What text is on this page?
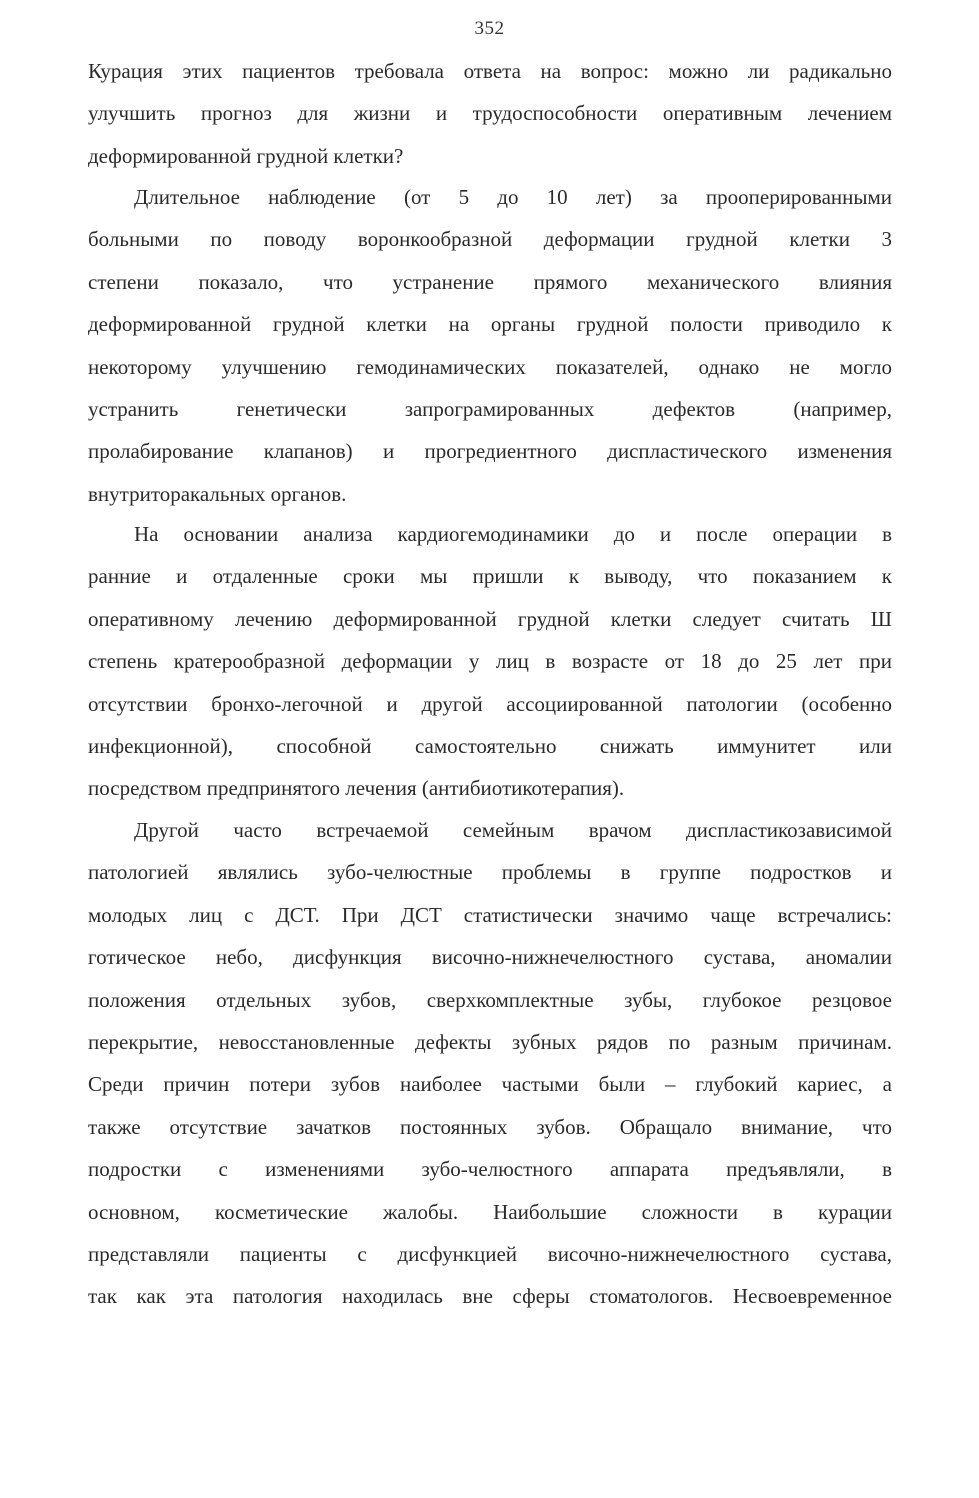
352
Курация этих пациентов требовала ответа на вопрос: можно ли радикально
улучшить прогноз для жизни и трудоспособности оперативным лечением
деформированной грудной клетки?
Длительное наблюдение (от 5 до 10 лет) за прооперированными
больными по поводу воронкообразной деформации грудной клетки 3
степени показало, что устранение прямого механического влияния
деформированной грудной клетки на органы грудной полости приводило к
некоторому улучшению гемодинамических показателей, однако не могло
устранить генетически запрограмированных дефектов (например,
пролабирование клапанов) и прогредиентного диспластического изменения
внутриторакальных органов.
На основании анализа кардиогемодинамики до и после операции в
ранние и отдаленные сроки мы пришли к выводу, что показанием к
оперативному лечению деформированной грудной клетки следует считать Ш
степень кратерообразной деформации у лиц в возрасте от 18 до 25 лет при
отсутствии бронхо-легочной и другой ассоциированной патологии (особенно
инфекционной), способной самостоятельно снижать иммунитет или
посредством предпринятого лечения (антибиотикотерапия).
Другой часто встречаемой семейным врачом диспластикозависимой
патологией являлись зубо-челюстные проблемы в группе подростков и
молодых лиц с ДСТ. При ДСТ статистически значимо чаще встречались:
готическое небо, дисфункция височно-нижнечелюстного сустава, аномалии
положения отдельных зубов, сверхкомплектные зубы, глубокое резцовое
перекрытие, невосстановленные дефекты зубных рядов по разным причинам.
Среди причин потери зубов наиболее частыми были – глубокий кариес, а
также отсутствие зачатков постоянных зубов. Обращало внимание, что
подростки с изменениями зубо-челюстного аппарата предъявляли, в
основном, косметические жалобы. Наибольшие сложности в курации
представляли пациенты с дисфункцией височно-нижнечелюстного сустава,
так как эта патология находилась вне сферы стоматологов. Несвоевременное
